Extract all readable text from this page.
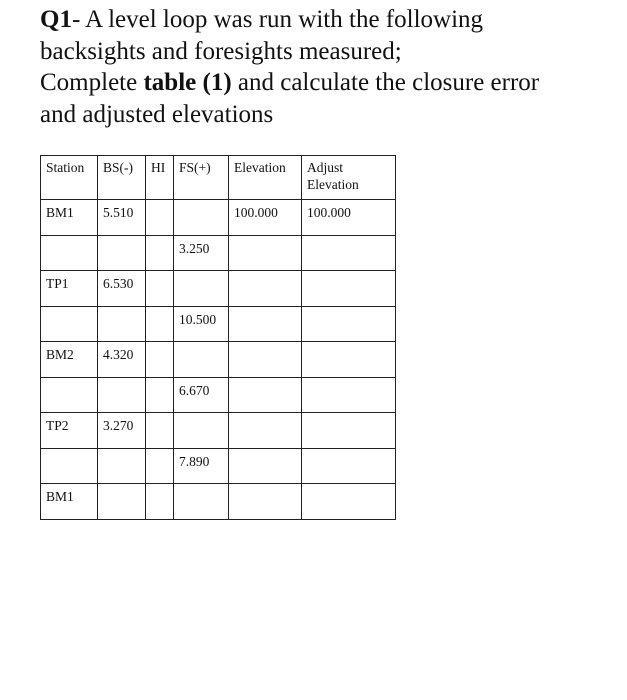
Q1- A level loop was run with the following
backsights and foresights measured;
Complete table (1) and calculate the closure error
and adjusted elevations
Station	BS(-)	HI	FS(+)	Elevation	Adjust Elevation
BM1	5.510			100.000	100.000
			3.250		
TP1	6.530				
			10.500		
BM2	4.320				
			6.670		
TP2	3.270				
			7.890		
BM1					
